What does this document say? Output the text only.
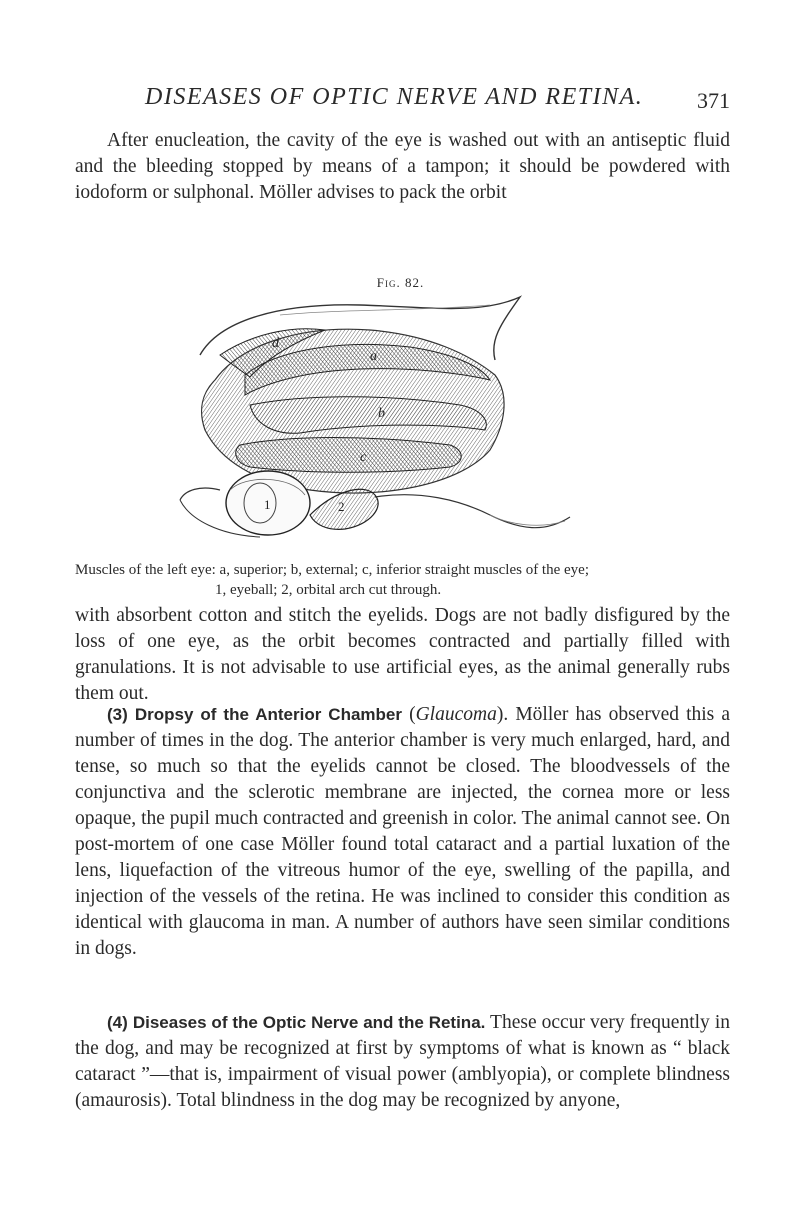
DISEASES OF OPTIC NERVE AND RETINA. 371

After enucleation, the cavity of the eye is washed out with an antiseptic fluid and the bleeding stopped by means of a tampon; it should be powdered with iodoform or sulphonal. Möller advises to pack the orbit

Fig. 82.
d
a
b
c
1	2
Muscles of the left eye: a, superior; b, external; c, inferior straight muscles of the eye;
1, eyeball; 2, orbital arch cut through.

with absorbent cotton and stitch the eyelids. Dogs are not badly disfigured by the loss of one eye, as the orbit becomes contracted and partially filled with granulations. It is not advisable to use artificial eyes, as the animal generally rubs them out.

(3) Dropsy of the Anterior Chamber (Glaucoma). Möller has observed this a number of times in the dog. The anterior chamber is very much enlarged, hard, and tense, so much so that the eyelids cannot be closed. The bloodvessels of the conjunctiva and the sclerotic membrane are injected, the cornea more or less opaque, the pupil much contracted and greenish in color. The animal cannot see. On post-mortem of one case Möller found total cataract and a partial luxation of the lens, liquefaction of the vitreous humor of the eye, swelling of the papilla, and injection of the vessels of the retina. He was inclined to consider this condition as identical with glaucoma in man. A number of authors have seen similar conditions in dogs.

(4) Diseases of the Optic Nerve and the Retina. These occur very frequently in the dog, and may be recognized at first by symptoms of what is known as “ black cataract ”—that is, impairment of visual power (amblyopia), or complete blindness (amaurosis). Total blindness in the dog may be recognized by anyone,
